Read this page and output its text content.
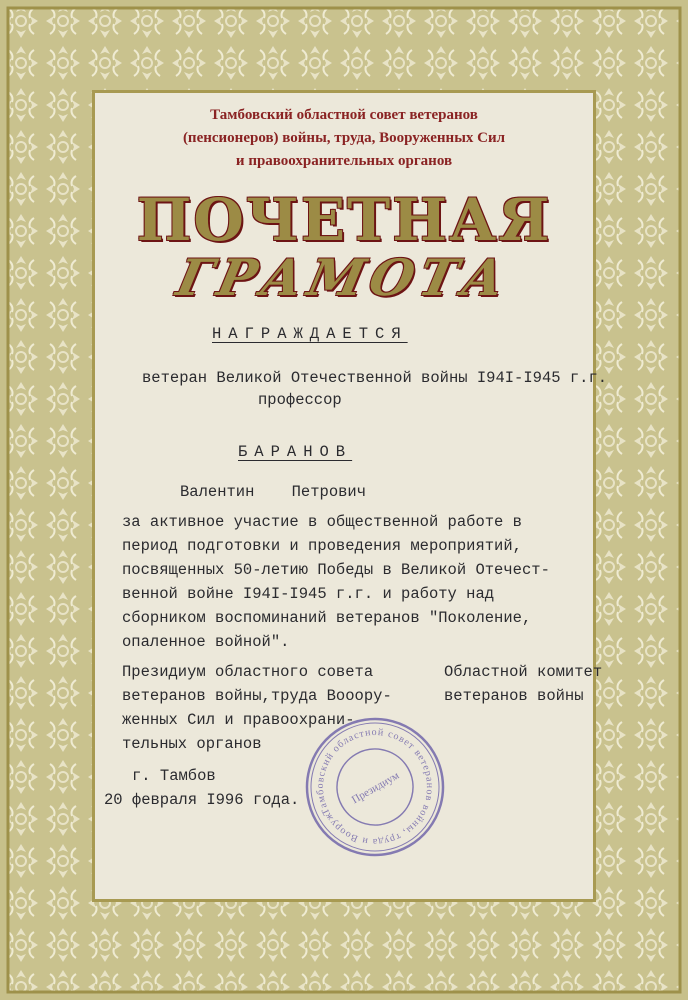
Тамбовский областной совет ветеранов
(пенсионеров) войны, труда, Вооруженных Сил
и правоохранительных органов
ПОЧЕТНАЯ
ГРАМОТА
НАГРАЖДАЕТСЯ
ветеран Великой Отечественной войны I94I-I945 г.г.
профессор
БАРАНОВ
Валентин    Петрович
за активное участие в общественной работе в
период подготовки и проведения мероприятий,
посвященных 50-летию Победы в Великой Отечест-
венной войне I94I-I945 г.г. и работу над
сборником воспоминаний ветеранов "Поколение,
опаленное войной".
Президиум областного совета
ветеранов войны,труда Вооору-
женных Сил и правоохрани-
тельных органов
Областной комитет
ветеранов войны
г. Тамбов
20 февраля I996 года.
Тамбовский областной совет ветеранов войны, труда и Вооруженных
Президиум
